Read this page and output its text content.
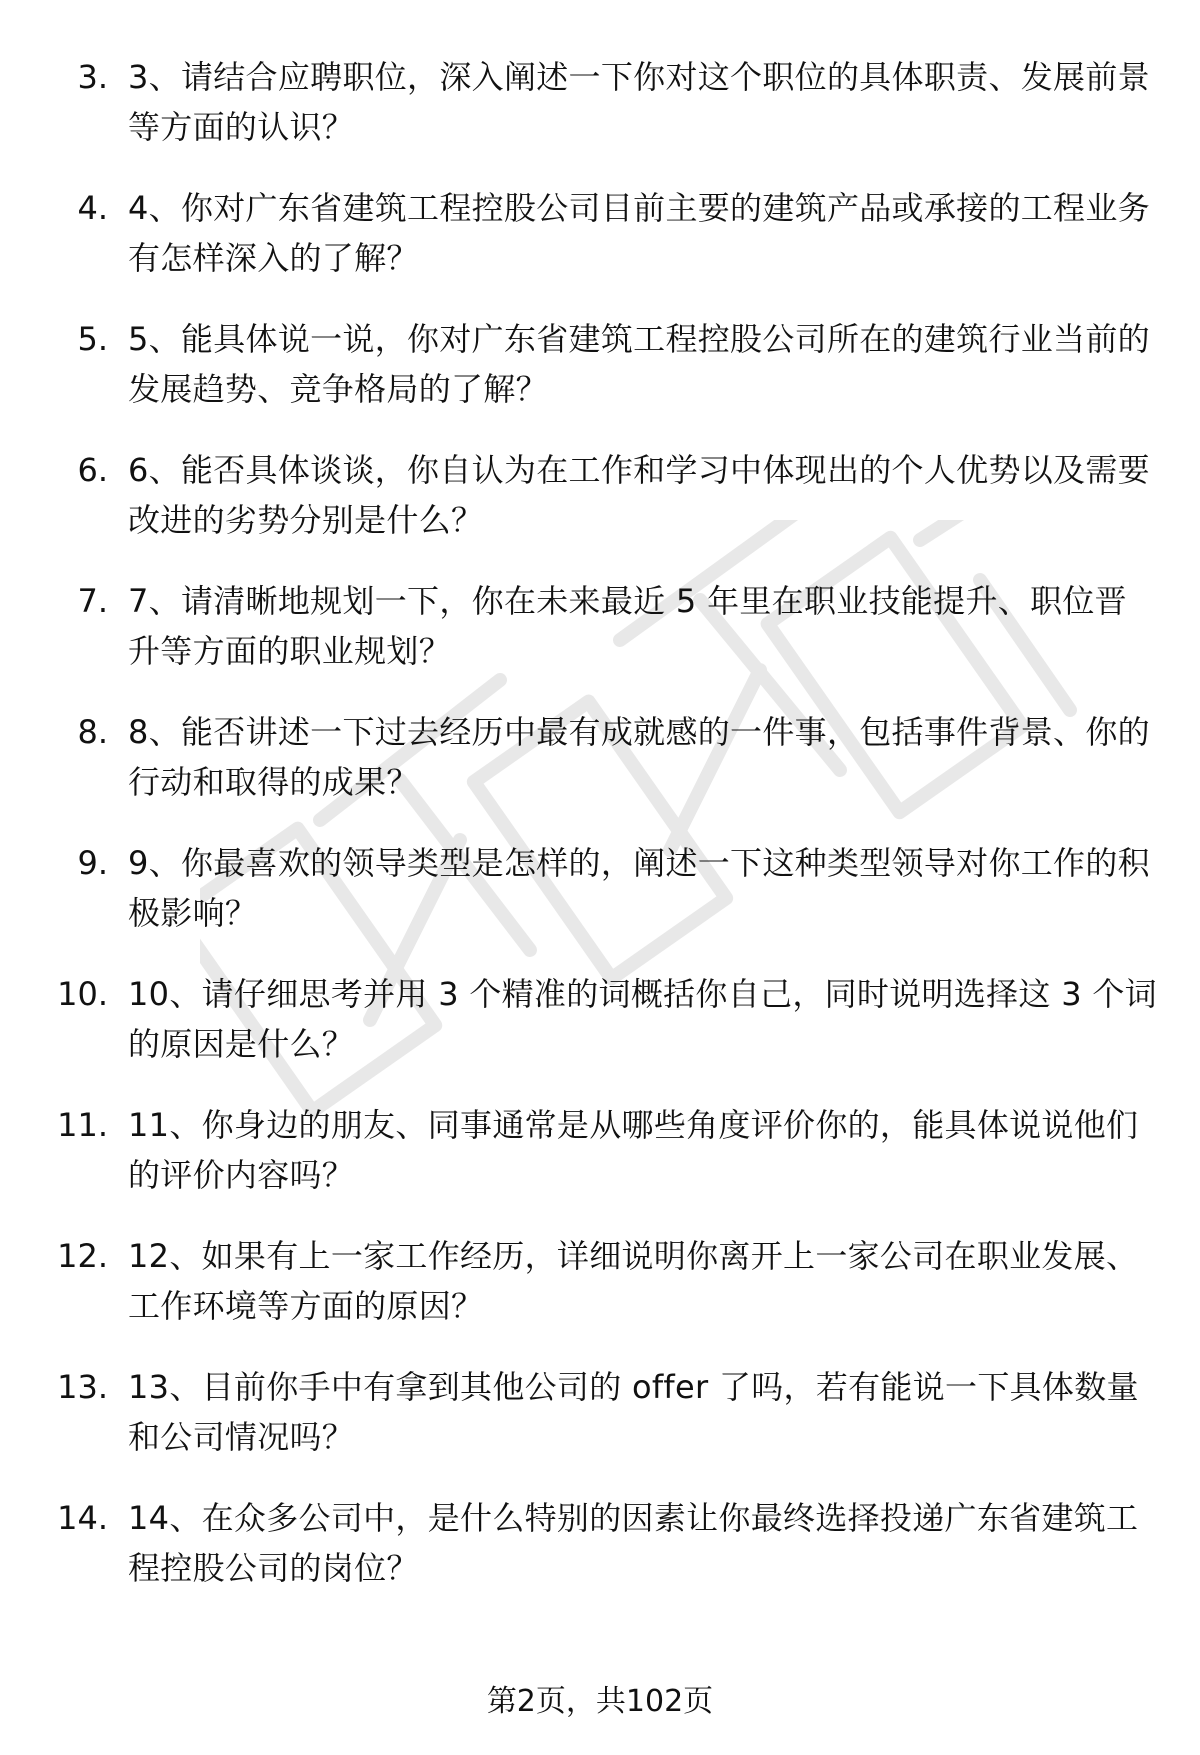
3. 3、请结合应聘职位，深入阐述一下你对这个职位的具体职责、发展前景等方面的认识？
4. 4、你对广东省建筑工程控股公司目前主要的建筑产品或承接的工程业务有怎样深入的了解？
5. 5、能具体说一说，你对广东省建筑工程控股公司所在的建筑行业当前的发展趋势、竞争格局的了解？
6. 6、能否具体谈谈，你自认为在工作和学习中体现出的个人优势以及需要改进的劣势分别是什么？
7. 7、请清晰地规划一下，你在未来最近 5 年里在职业技能提升、职位晋升等方面的职业规划？
8. 8、能否讲述一下过去经历中最有成就感的一件事，包括事件背景、你的行动和取得的成果？
9. 9、你最喜欢的领导类型是怎样的，阐述一下这种类型领导对你工作的积极影响？
10. 10、请仔细思考并用 3 个精准的词概括你自己，同时说明选择这 3 个词的原因是什么？
11. 11、你身边的朋友、同事通常是从哪些角度评价你的，能具体说说他们的评价内容吗？
12. 12、如果有上一家工作经历，详细说明你离开上一家公司在职业发展、工作环境等方面的原因？
13. 13、目前你手中有拿到其他公司的 offer 了吗，若有能说一下具体数量和公司情况吗？
14. 14、在众多公司中，是什么特别的因素让你最终选择投递广东省建筑工程控股公司的岗位？
第2页，共102页
